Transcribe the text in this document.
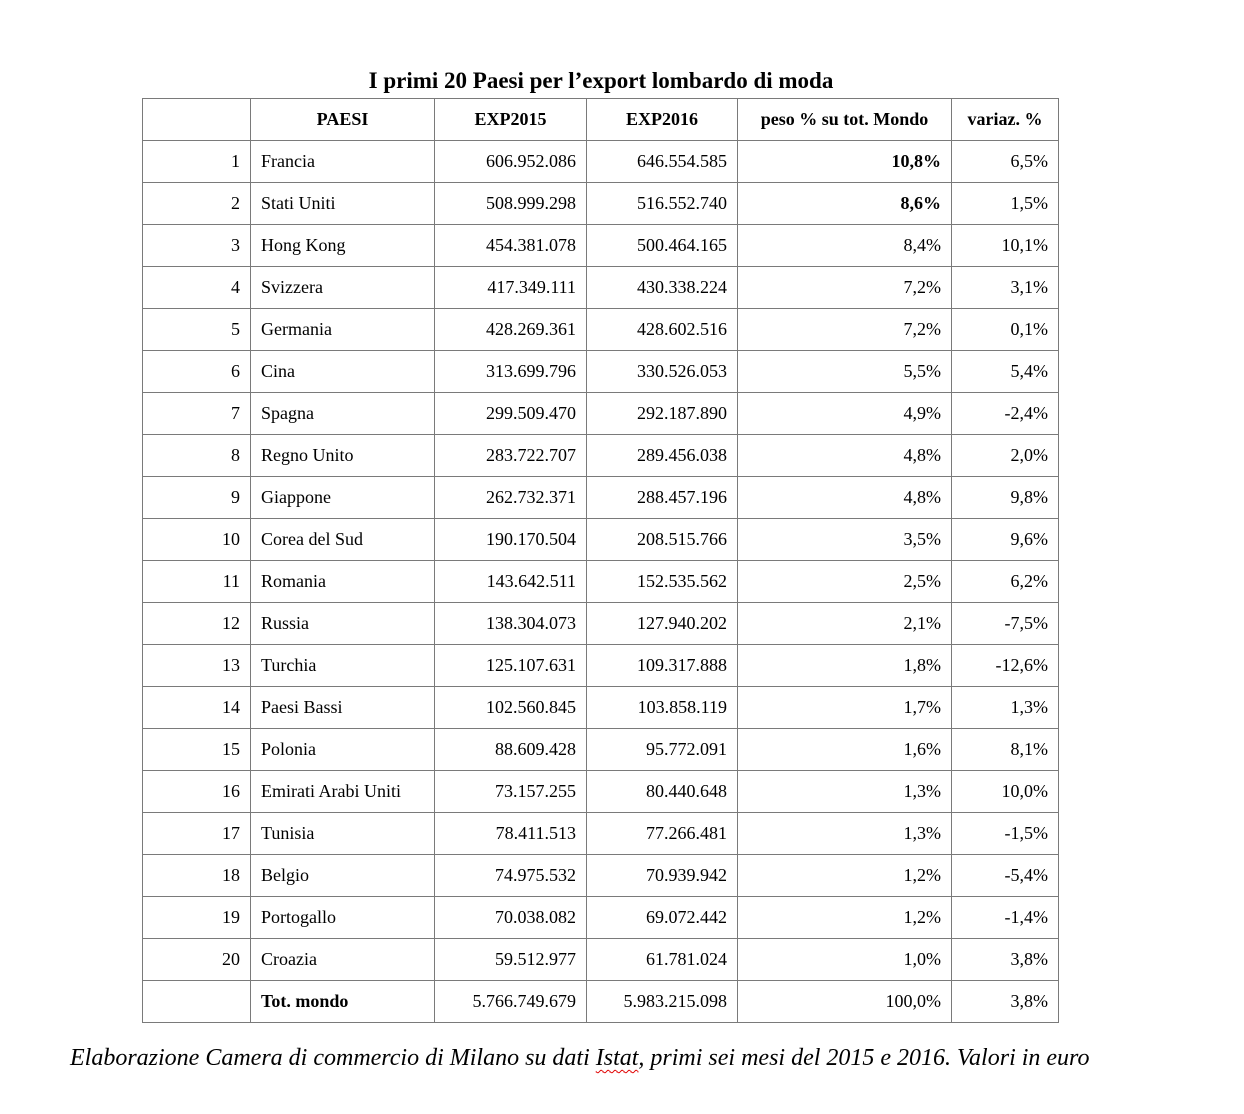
I primi 20 Paesi per l’export lombardo di moda
	PAESI	EXP2015	EXP2016	peso % su tot. Mondo	variaz. %
1	Francia	606.952.086	646.554.585	10,8%	6,5%
2	Stati Uniti	508.999.298	516.552.740	8,6%	1,5%
3	Hong Kong	454.381.078	500.464.165	8,4%	10,1%
4	Svizzera	417.349.111	430.338.224	7,2%	3,1%
5	Germania	428.269.361	428.602.516	7,2%	0,1%
6	Cina	313.699.796	330.526.053	5,5%	5,4%
7	Spagna	299.509.470	292.187.890	4,9%	-2,4%
8	Regno Unito	283.722.707	289.456.038	4,8%	2,0%
9	Giappone	262.732.371	288.457.196	4,8%	9,8%
10	Corea del Sud	190.170.504	208.515.766	3,5%	9,6%
11	Romania	143.642.511	152.535.562	2,5%	6,2%
12	Russia	138.304.073	127.940.202	2,1%	-7,5%
13	Turchia	125.107.631	109.317.888	1,8%	-12,6%
14	Paesi Bassi	102.560.845	103.858.119	1,7%	1,3%
15	Polonia	88.609.428	95.772.091	1,6%	8,1%
16	Emirati Arabi Uniti	73.157.255	80.440.648	1,3%	10,0%
17	Tunisia	78.411.513	77.266.481	1,3%	-1,5%
18	Belgio	74.975.532	70.939.942	1,2%	-5,4%
19	Portogallo	70.038.082	69.072.442	1,2%	-1,4%
20	Croazia	59.512.977	61.781.024	1,0%	3,8%
	Tot. mondo	5.766.749.679	5.983.215.098	100,0%	3,8%
Elaborazione Camera di commercio di Milano su dati Istat, primi sei mesi del 2015 e 2016. Valori in euro
